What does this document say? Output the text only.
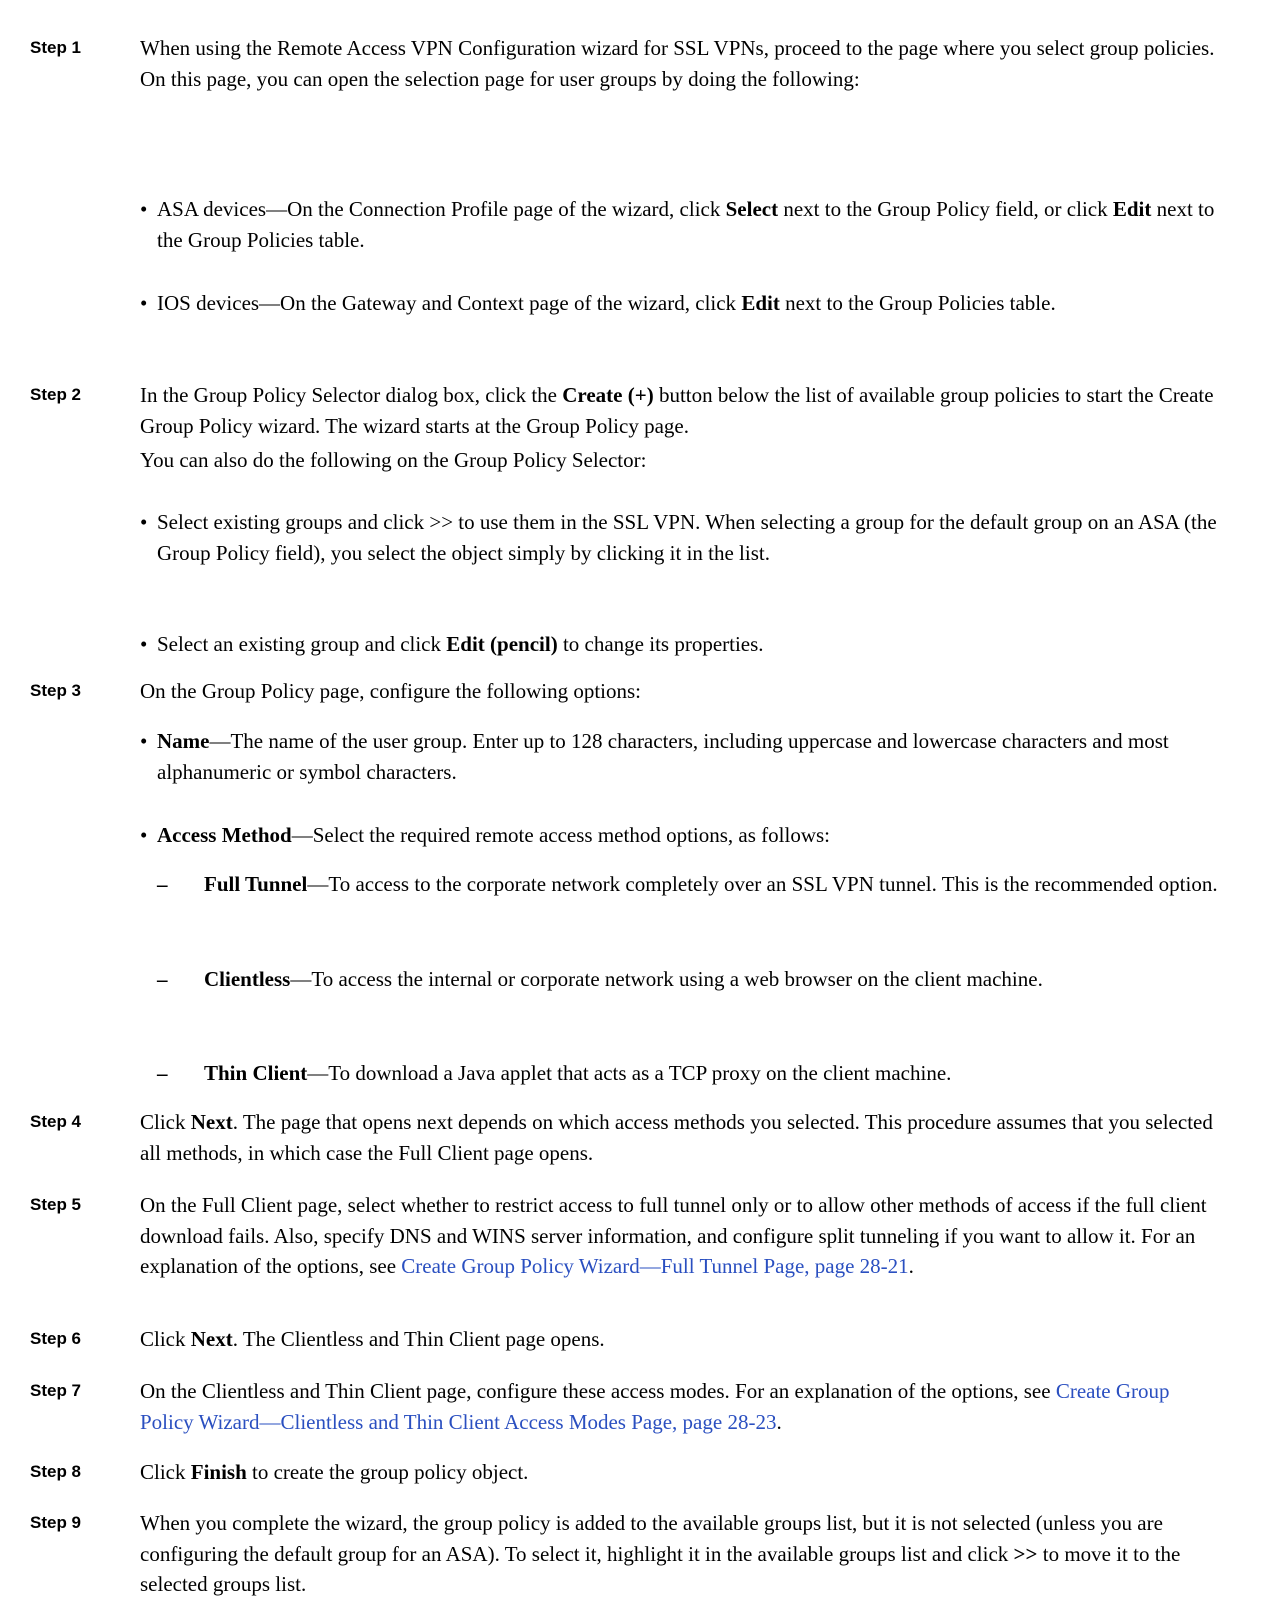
Step 1	When using the Remote Access VPN Configuration wizard for SSL VPNs, proceed to the page where you select group policies. On this page, you can open the selection page for user groups by doing the following:

• ASA devices—On the Connection Profile page of the wizard, click Select next to the Group Policy field, or click Edit next to the Group Policies table.
• IOS devices—On the Gateway and Context page of the wizard, click Edit next to the Group Policies table.
Step 2	In the Group Policy Selector dialog box, click the Create (+) button below the list of available group policies to start the Create Group Policy wizard. The wizard starts at the Group Policy page.

You can also do the following on the Group Policy Selector:

• Select existing groups and click >> to use them in the SSL VPN. When selecting a group for the default group on an ASA (the Group Policy field), you select the object simply by clicking it in the list.
• Select an existing group and click Edit (pencil) to change its properties.
Step 3	On the Group Policy page, configure the following options:

• Name—The name of the user group. Enter up to 128 characters, including uppercase and lowercase characters and most alphanumeric or symbol characters.
• Access Method—Select the required remote access method options, as follows:
– Full Tunnel—To access to the corporate network completely over an SSL VPN tunnel. This is the recommended option.
– Clientless—To access the internal or corporate network using a web browser on the client machine.
– Thin Client—To download a Java applet that acts as a TCP proxy on the client machine.
Step 4	Click Next. The page that opens next depends on which access methods you selected. This procedure assumes that you selected all methods, in which case the Full Client page opens.

Step 5	On the Full Client page, select whether to restrict access to full tunnel only or to allow other methods of access if the full client download fails. Also, specify DNS and WINS server information, and configure split tunneling if you want to allow it. For an explanation of the options, see Create Group Policy Wizard—Full Tunnel Page, page 28-21.

Step 6	Click Next. The Clientless and Thin Client page opens.

Step 7	On the Clientless and Thin Client page, configure these access modes. For an explanation of the options, see Create Group Policy Wizard—Clientless and Thin Client Access Modes Page, page 28-23.

Step 8	Click Finish to create the group policy object.

Step 9	When you complete the wizard, the group policy is added to the available groups list, but it is not selected (unless you are configuring the default group for an ASA). To select it, highlight it in the available groups list and click >> to move it to the selected groups list.
